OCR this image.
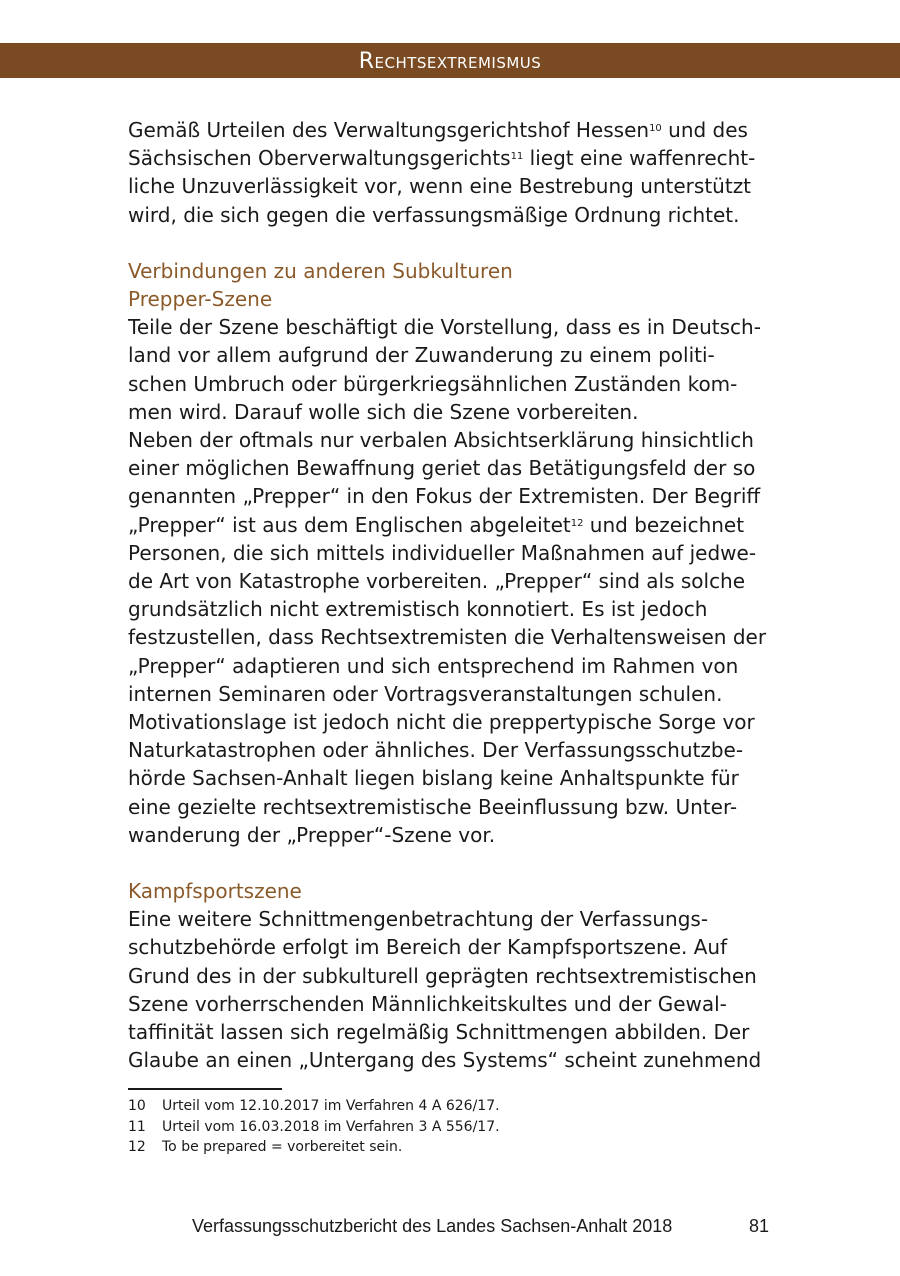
Rechtsextremismus
Gemäß Urteilen des Verwaltungsgerichtshof Hessen$^{10}$ und des
Sächsischen Oberverwaltungsgerichts$^{11}$ liegt eine waffenrecht-
liche Unzuverlässigkeit vor, wenn eine Bestrebung unterstützt
wird, die sich gegen die verfassungsmäßige Ordnung richtet.
Verbindungen zu anderen Subkulturen
Prepper-Szene
Teile der Szene beschäftigt die Vorstellung, dass es in Deutsch-
land vor allem aufgrund der Zuwanderung zu einem politi-
schen Umbruch oder bürgerkriegsähnlichen Zuständen kom-
men wird. Darauf wolle sich die Szene vorbereiten.
Neben der oftmals nur verbalen Absichtserklärung hinsichtlich
einer möglichen Bewaffnung geriet das Betätigungsfeld der so
genannten „Prepper“ in den Fokus der Extremisten. Der Begriff
„Prepper“ ist aus dem Englischen abgeleitet$^{12}$ und bezeichnet
Personen, die sich mittels individueller Maßnahmen auf jedwe-
de Art von Katastrophe vorbereiten. „Prepper“ sind als solche
grundsätzlich nicht extremistisch konnotiert. Es ist jedoch
festzustellen, dass Rechtsextremisten die Verhaltensweisen der
„Prepper“ adaptieren und sich entsprechend im Rahmen von
internen Seminaren oder Vortragsveranstaltungen schulen.
Motivationslage ist jedoch nicht die preppertypische Sorge vor
Naturkatastrophen oder ähnliches. Der Verfassungsschutzbe-
hörde Sachsen-Anhalt liegen bislang keine Anhaltspunkte für
eine gezielte rechtsextremistische Beeinflussung bzw. Unter-
wanderung der „Prepper“-Szene vor.
Kampfsportszene
Eine weitere Schnittmengenbetrachtung der Verfassungs-
schutzbehörde erfolgt im Bereich der Kampfsportszene. Auf
Grund des in der subkulturell geprägten rechtsextremistischen
Szene vorherrschenden Männlichkeitskultes und der Gewal-
taffinität lassen sich regelmäßig Schnittmengen abbilden. Der
Glaube an einen „Untergang des Systems“ scheint zunehmend
10 Urteil vom 12.10.2017 im Verfahren 4 A 626/17.
11 Urteil vom 16.03.2018 im Verfahren 3 A 556/17.
12 To be prepared = vorbereitet sein.
Verfassungsschutzbericht des Landes Sachsen-Anhalt 2018	81
